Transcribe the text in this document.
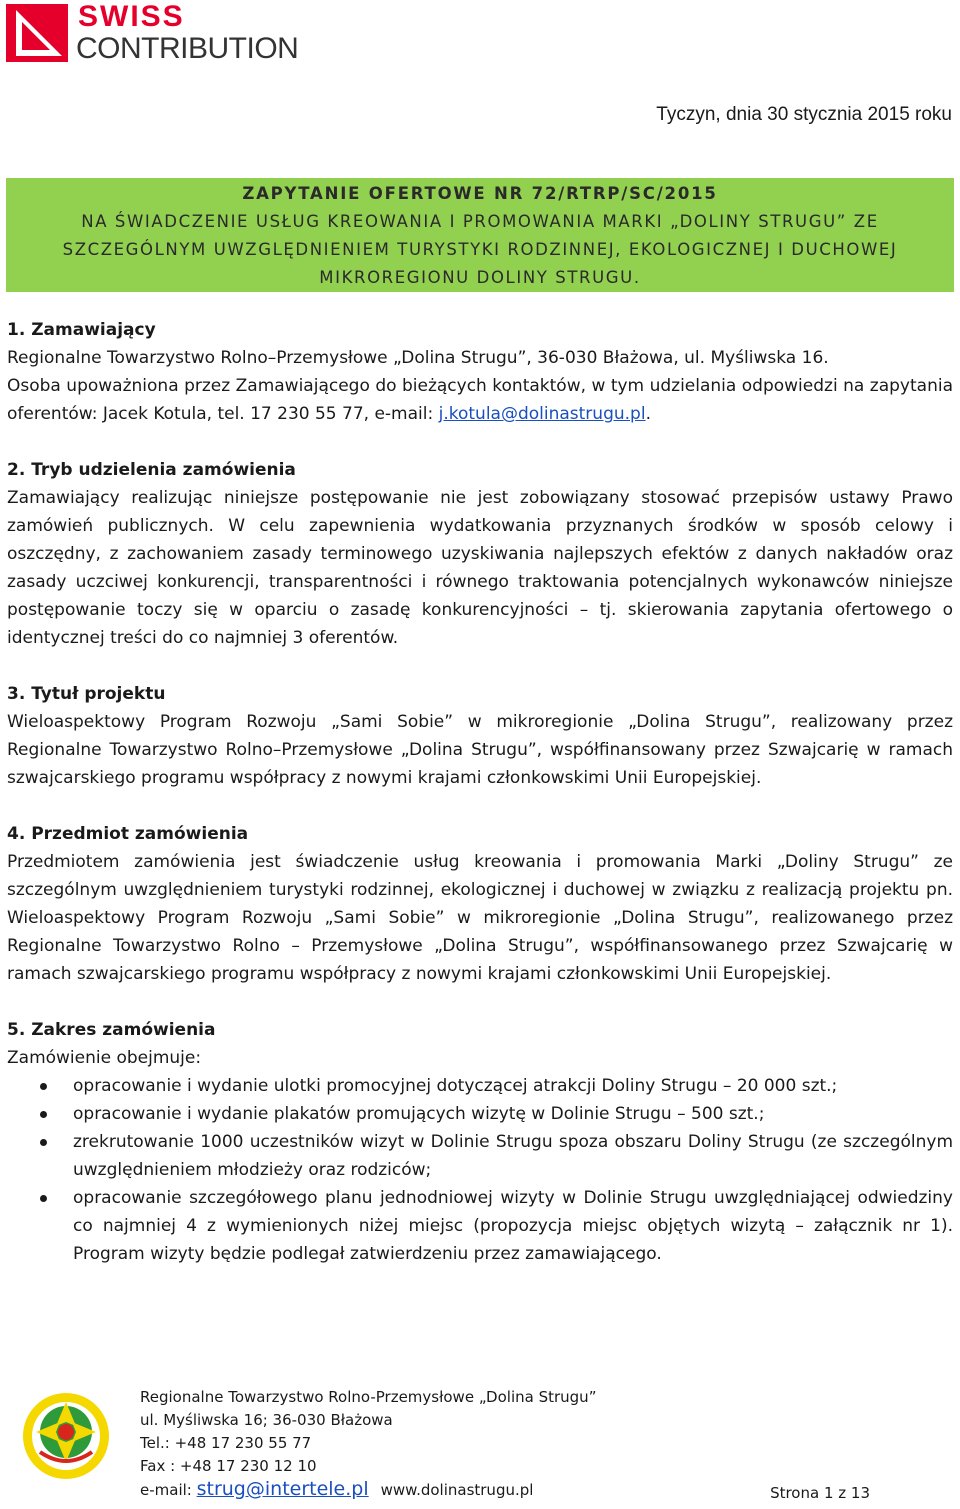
SWISS
CONTRIBUTION
Tyczyn, dnia 30 stycznia 2015 roku
ZAPYTANIE OFERTOWE NR 72/RTRP/SC/2015
NA ŚWIADCZENIE USŁUG KREOWANIA I PROMOWANIA MARKI „DOLINY STRUGU” ZE
SZCZEGÓLNYM UWZGLĘDNIENIEM TURYSTYKI RODZINNEJ, EKOLOGICZNEJ I DUCHOWEJ
MIKROREGIONU DOLINY STRUGU.
1. Zamawiający

Regionalne Towarzystwo Rolno–Przemysłowe „Dolina Strugu”, 36-030 Błażowa, ul. Myśliwska 16.

Osoba upoważniona przez Zamawiającego do bieżących kontaktów, w tym udzielania odpowiedzi na zapytania oferentów: Jacek Kotula, tel. 17 230 55 77, e-mail: j.kotula@dolinastrugu.pl.

2. Tryb udzielenia zamówienia

Zamawiający realizując niniejsze postępowanie nie jest zobowiązany stosować przepisów ustawy Prawo zamówień publicznych. W celu zapewnienia wydatkowania przyznanych środków w sposób celowy i oszczędny, z zachowaniem zasady terminowego uzyskiwania najlepszych efektów z danych nakładów oraz zasady uczciwej konkurencji, transparentności i równego traktowania potencjalnych wykonawców niniejsze postępowanie toczy się w oparciu o zasadę konkurencyjności – tj. skierowania zapytania ofertowego o identycznej treści do co najmniej 3 oferentów.

3. Tytuł projektu

Wieloaspektowy Program Rozwoju „Sami Sobie” w mikroregionie „Dolina Strugu”, realizowany przez Regionalne Towarzystwo Rolno–Przemysłowe „Dolina Strugu”, współfinansowany przez Szwajcarię w ramach szwajcarskiego programu współpracy z nowymi krajami członkowskimi Unii Europejskiej.

4. Przedmiot zamówienia

Przedmiotem zamówienia jest świadczenie usług kreowania i promowania Marki „Doliny Strugu” ze szczególnym uwzględnieniem turystyki rodzinnej, ekologicznej i duchowej w związku z realizacją projektu pn. Wieloaspektowy Program Rozwoju „Sami Sobie” w mikroregionie „Dolina Strugu”, realizowanego przez Regionalne Towarzystwo Rolno – Przemysłowe „Dolina Strugu”, współfinansowanego przez Szwajcarię w ramach szwajcarskiego programu współpracy z nowymi krajami członkowskimi Unii Europejskiej.

5. Zakres zamówienia

Zamówienie obejmuje:

opracowanie i wydanie ulotki promocyjnej dotyczącej atrakcji Doliny Strugu – 20 000 szt.;
opracowanie i wydanie plakatów promujących wizytę w Dolinie Strugu – 500 szt.;
zrekrutowanie 1000 uczestników wizyt w Dolinie Strugu spoza obszaru Doliny Strugu (ze szczególnym uwzględnieniem młodzieży oraz rodziców;
opracowanie szczegółowego planu jednodniowej wizyty w Dolinie Strugu uwzględniającej odwiedziny co najmniej 4 z wymienionych niżej miejsc (propozycja miejsc objętych wizytą – załącznik nr 1). Program wizyty będzie podlegał zatwierdzeniu przez zamawiającego.
Regionalne Towarzystwo Rolno-Przemysłowe „Dolina Strugu”
ul. Myśliwska 16; 36-030 Błażowa
Tel.: +48 17 230 55 77
Fax : +48 17 230 12 10
e-mail: strug@intertele.pl www.dolinastrugu.pl	Strona 1 z 13
